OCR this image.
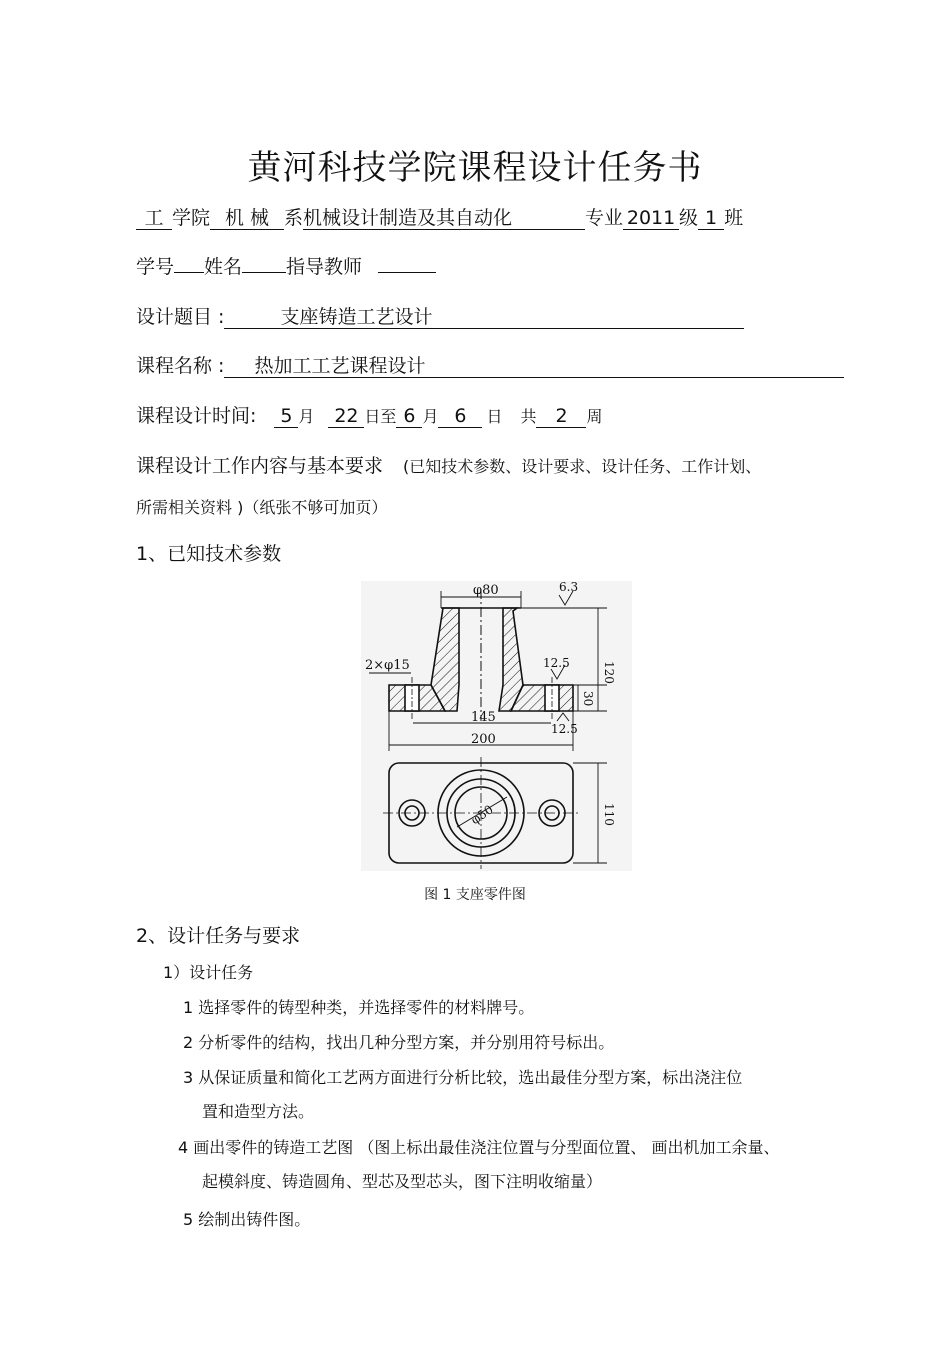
黄河科技学院课程设计任务书
工 学院 机 械 系机械设计制造及其自动化	专业 2011 级 1 班
学号 姓名 指导教师
设计题目 :	支座铸造工艺设计
课程名称 : 热加工工艺课程设计
课程设计时间: 5 月 22 日至 6 月 6 日 共 2 周
课程设计工作内容与基本要求 (已知技术参数、设计要求、设计任务、工作计划、
所需相关资料 )（纸张不够可加页）
1、已知技术参数
φ80	6.3
2×φ15	12.5	120
30
145
12.5
200
110
φ50
图 1 支座零件图
2、设计任务与要求
1）设计任务
1 选择零件的铸型种类，并选择零件的材料牌号。
2 分析零件的结构，找出几种分型方案，并分别用符号标出。
3 从保证质量和简化工艺两方面进行分析比较，选出最佳分型方案，标出浇注位
置和造型方法。
4 画出零件的铸造工艺图 （图上标出最佳浇注位置与分型面位置、 画出机加工余量、
起模斜度、铸造圆角、型芯及型芯头，图下注明收缩量）
5 绘制出铸件图。
